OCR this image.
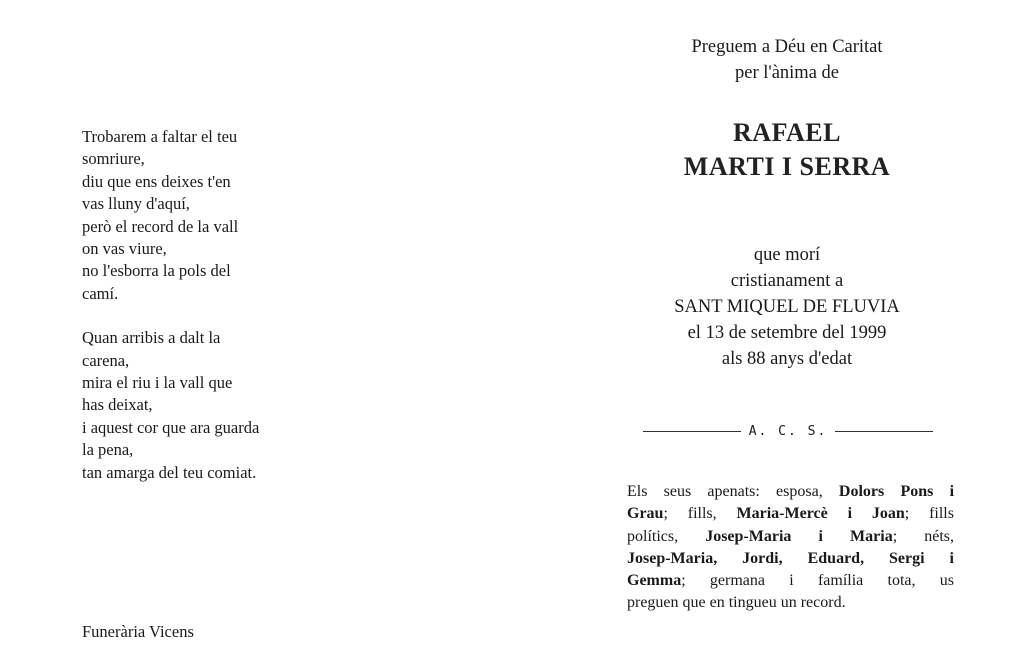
Trobarem a faltar el teu
somriure,
diu que ens deixes t'en
vas lluny d'aquí,
però el record de la vall
on vas viure,
no l'esborra la pols del
camí.

Quan arribis a dalt la
carena,
mira el riu i la vall que
has deixat,
i aquest cor que ara guarda
la pena,
tan amarga del teu comiat.

Funerària Vicens
Preguem a Déu en Caritat
per l'ànima de
RAFAEL
MARTI I SERRA
que morí
cristianament a
SANT MIQUEL DE FLUVIA
el 13 de setembre del 1999
als 88 anys d'edat
A. C. S.
Els seus apenats: esposa, Dolors Pons i
Grau; fills, Maria-Mercè i Joan; fills
polítics, Josep-Maria i Maria; néts,
Josep-Maria, Jordi, Eduard, Sergi i
Gemma; germana i família tota, us
preguen que en tingueu un record.
